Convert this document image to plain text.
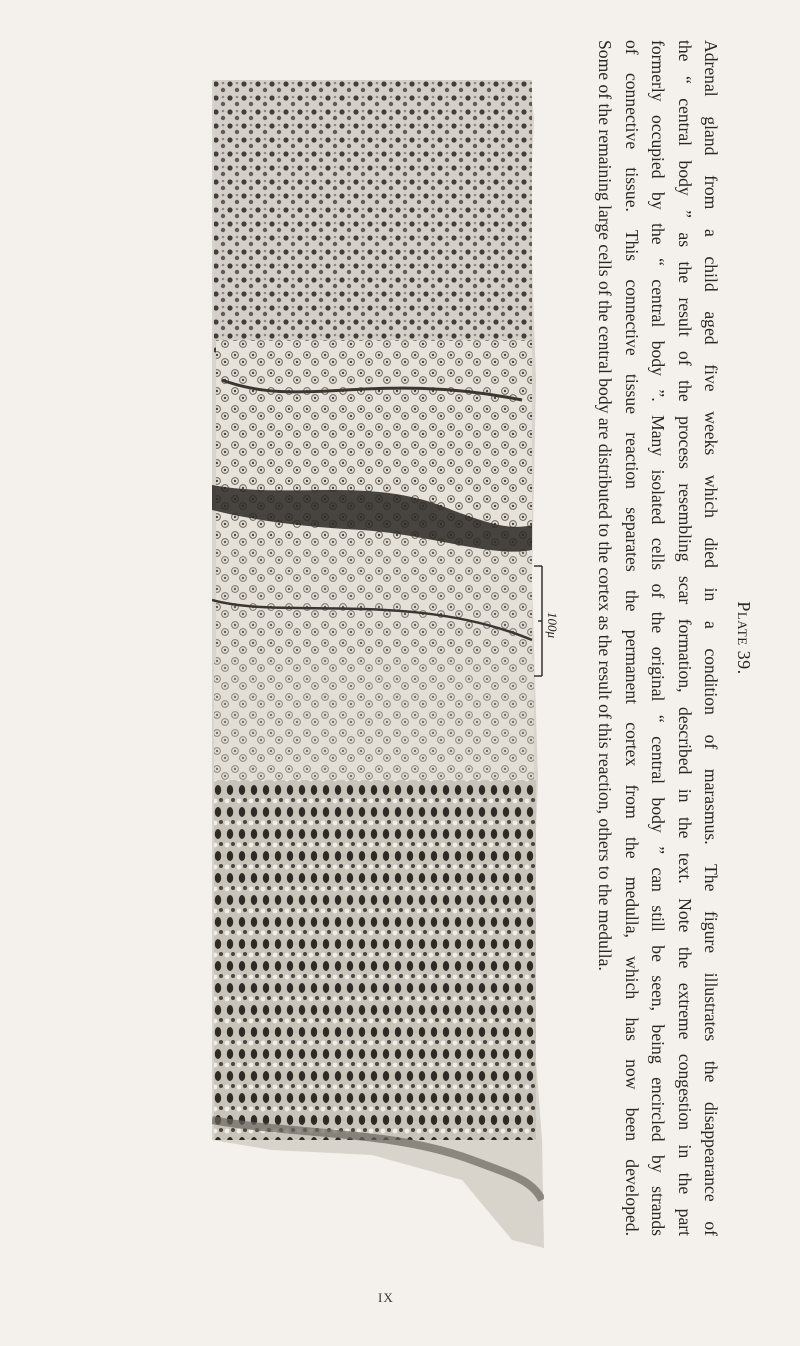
100μ	Plate 39.
Adrenal gland from a child aged five weeks which died in a condition of marasmus. The figure illustrates the disappearance of
the “ central body ” as the result of the process resembling scar formation, described in the text. Note the extreme congestion in the part
formerly occupied by the “ central body ”. Many isolated cells of the original “ central body ” can still be seen, being encircled by strands
of connective tissue. This connective tissue reaction separates the permanent cortex from the medulla, which has now been developed.
Some of the remaining large cells of the central body are distributed to the cortex as the result of this reaction, others to the medulla.
IX
